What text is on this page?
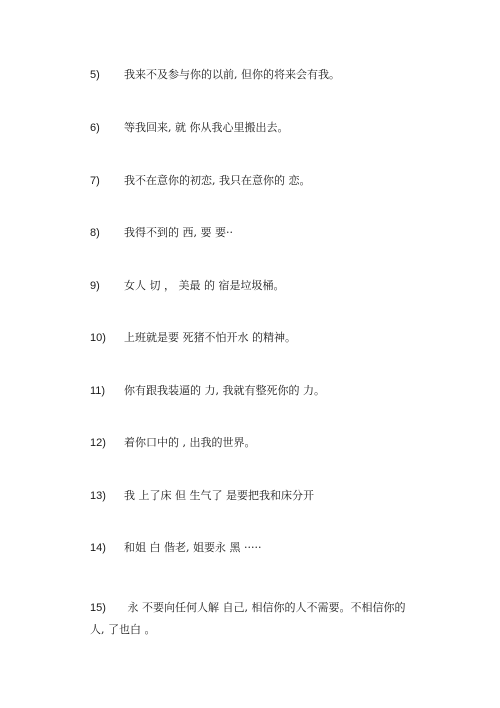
5) 我来不及参与你的以前, 但你的将来会有我。
6) 等我回来, 就 你从我心里搬出去。
7) 我不在意你的初恋, 我只在意你的 恋。
8) 我得不到的 西, 要 要··
9) 女人 切 ， 美最 的 宿是垃圾桶。
10)上班就是要 死猪不怕开水 的精神。
11)你有跟我装逼的 力, 我就有整死你的 力。
12)着你口中的 , 出我的世界。
13)我 上了床 但 生气了 是要把我和床分开
14)和姐 白 偕老, 姐要永 黑 ·····
15) 永 不要向任何人解 自己, 相信你的人不需要。不相信你的
人, 了也白 。
